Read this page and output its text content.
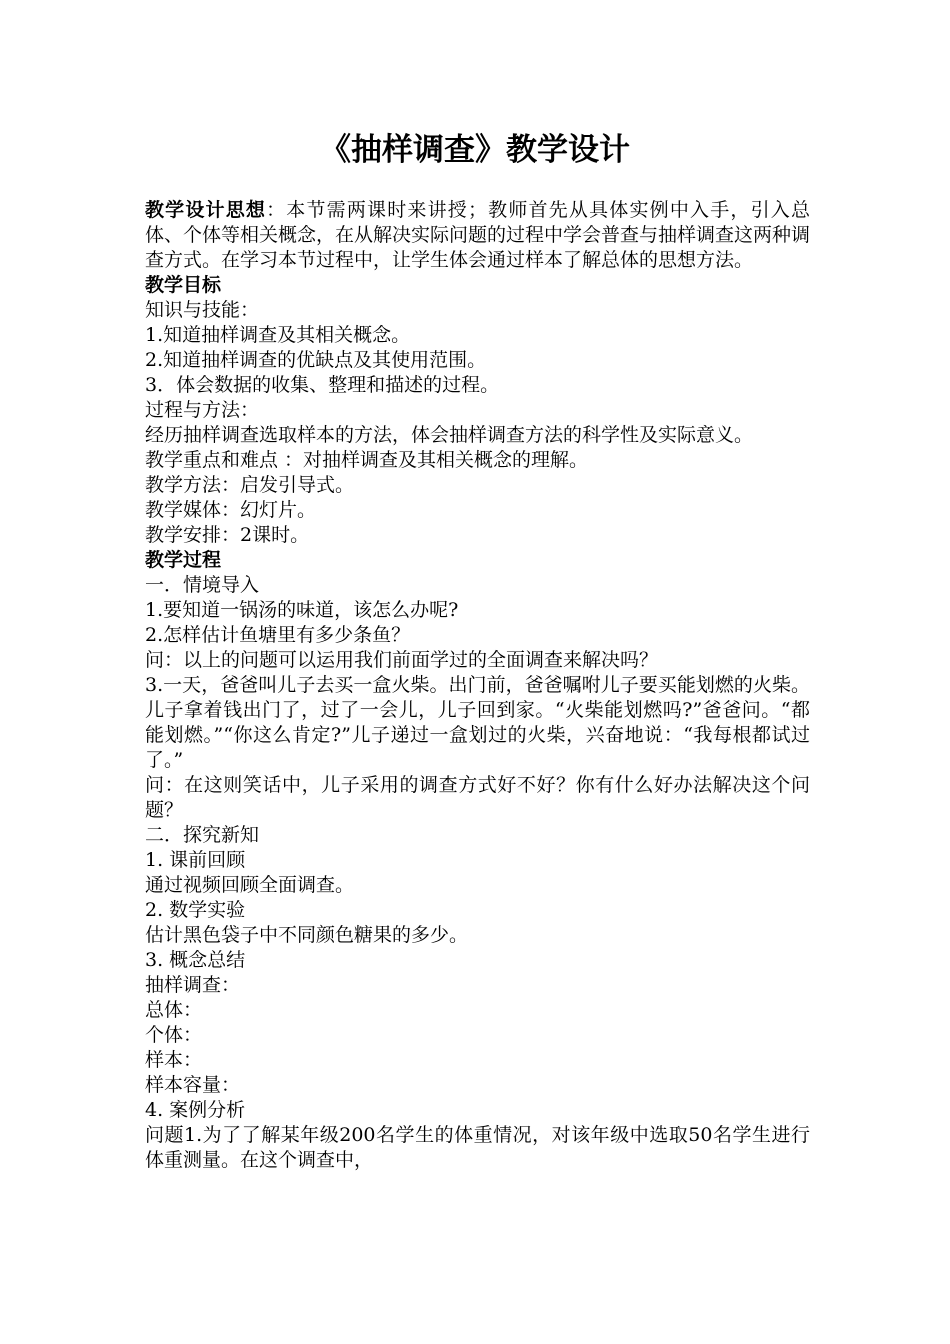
《抽样调查》教学设计

教学设计思想：本节需两课时来讲授；教师首先从具体实例中入手，引入总体、个体等相关概念，在从解决实际问题的过程中学会普查与抽样调查这两种调查方式。在学习本节过程中，让学生体会通过样本了解总体的思想方法。

教学目标

知识与技能：

1.知道抽样调查及其相关概念。

2.知道抽样调查的优缺点及其使用范围。

3．体会数据的收集、整理和描述的过程。

过程与方法：

经历抽样调查选取样本的方法，体会抽样调查方法的科学性及实际意义。

教学重点和难点 ：对抽样调查及其相关概念的理解。

教学方法：启发引导式。

教学媒体：幻灯片。

教学安排：2课时。

教学过程

一．情境导入

1.要知道一锅汤的味道，该怎么办呢?

2.怎样估计鱼塘里有多少条鱼？

问：以上的问题可以运用我们前面学过的全面调查来解决吗？

3.一天，爸爸叫儿子去买一盒火柴。出门前，爸爸嘱咐儿子要买能划燃的火柴。儿子拿着钱出门了，过了一会儿，儿子回到家。“火柴能划燃吗?”爸爸问。“都能划燃。”“你这么肯定?”儿子递过一盒划过的火柴，兴奋地说：“我每根都试过了。”

问：在这则笑话中，儿子采用的调查方式好不好？你有什么好办法解决这个问题？

二．探究新知

1. 课前回顾

通过视频回顾全面调查。

2. 数学实验

估计黑色袋子中不同颜色糖果的多少。

3. 概念总结

抽样调查：

总体：

个体：

样本：

样本容量：

4. 案例分析

问题1.为了了解某年级200名学生的体重情况，对该年级中选取50名学生进行体重测量。在这个调查中，
